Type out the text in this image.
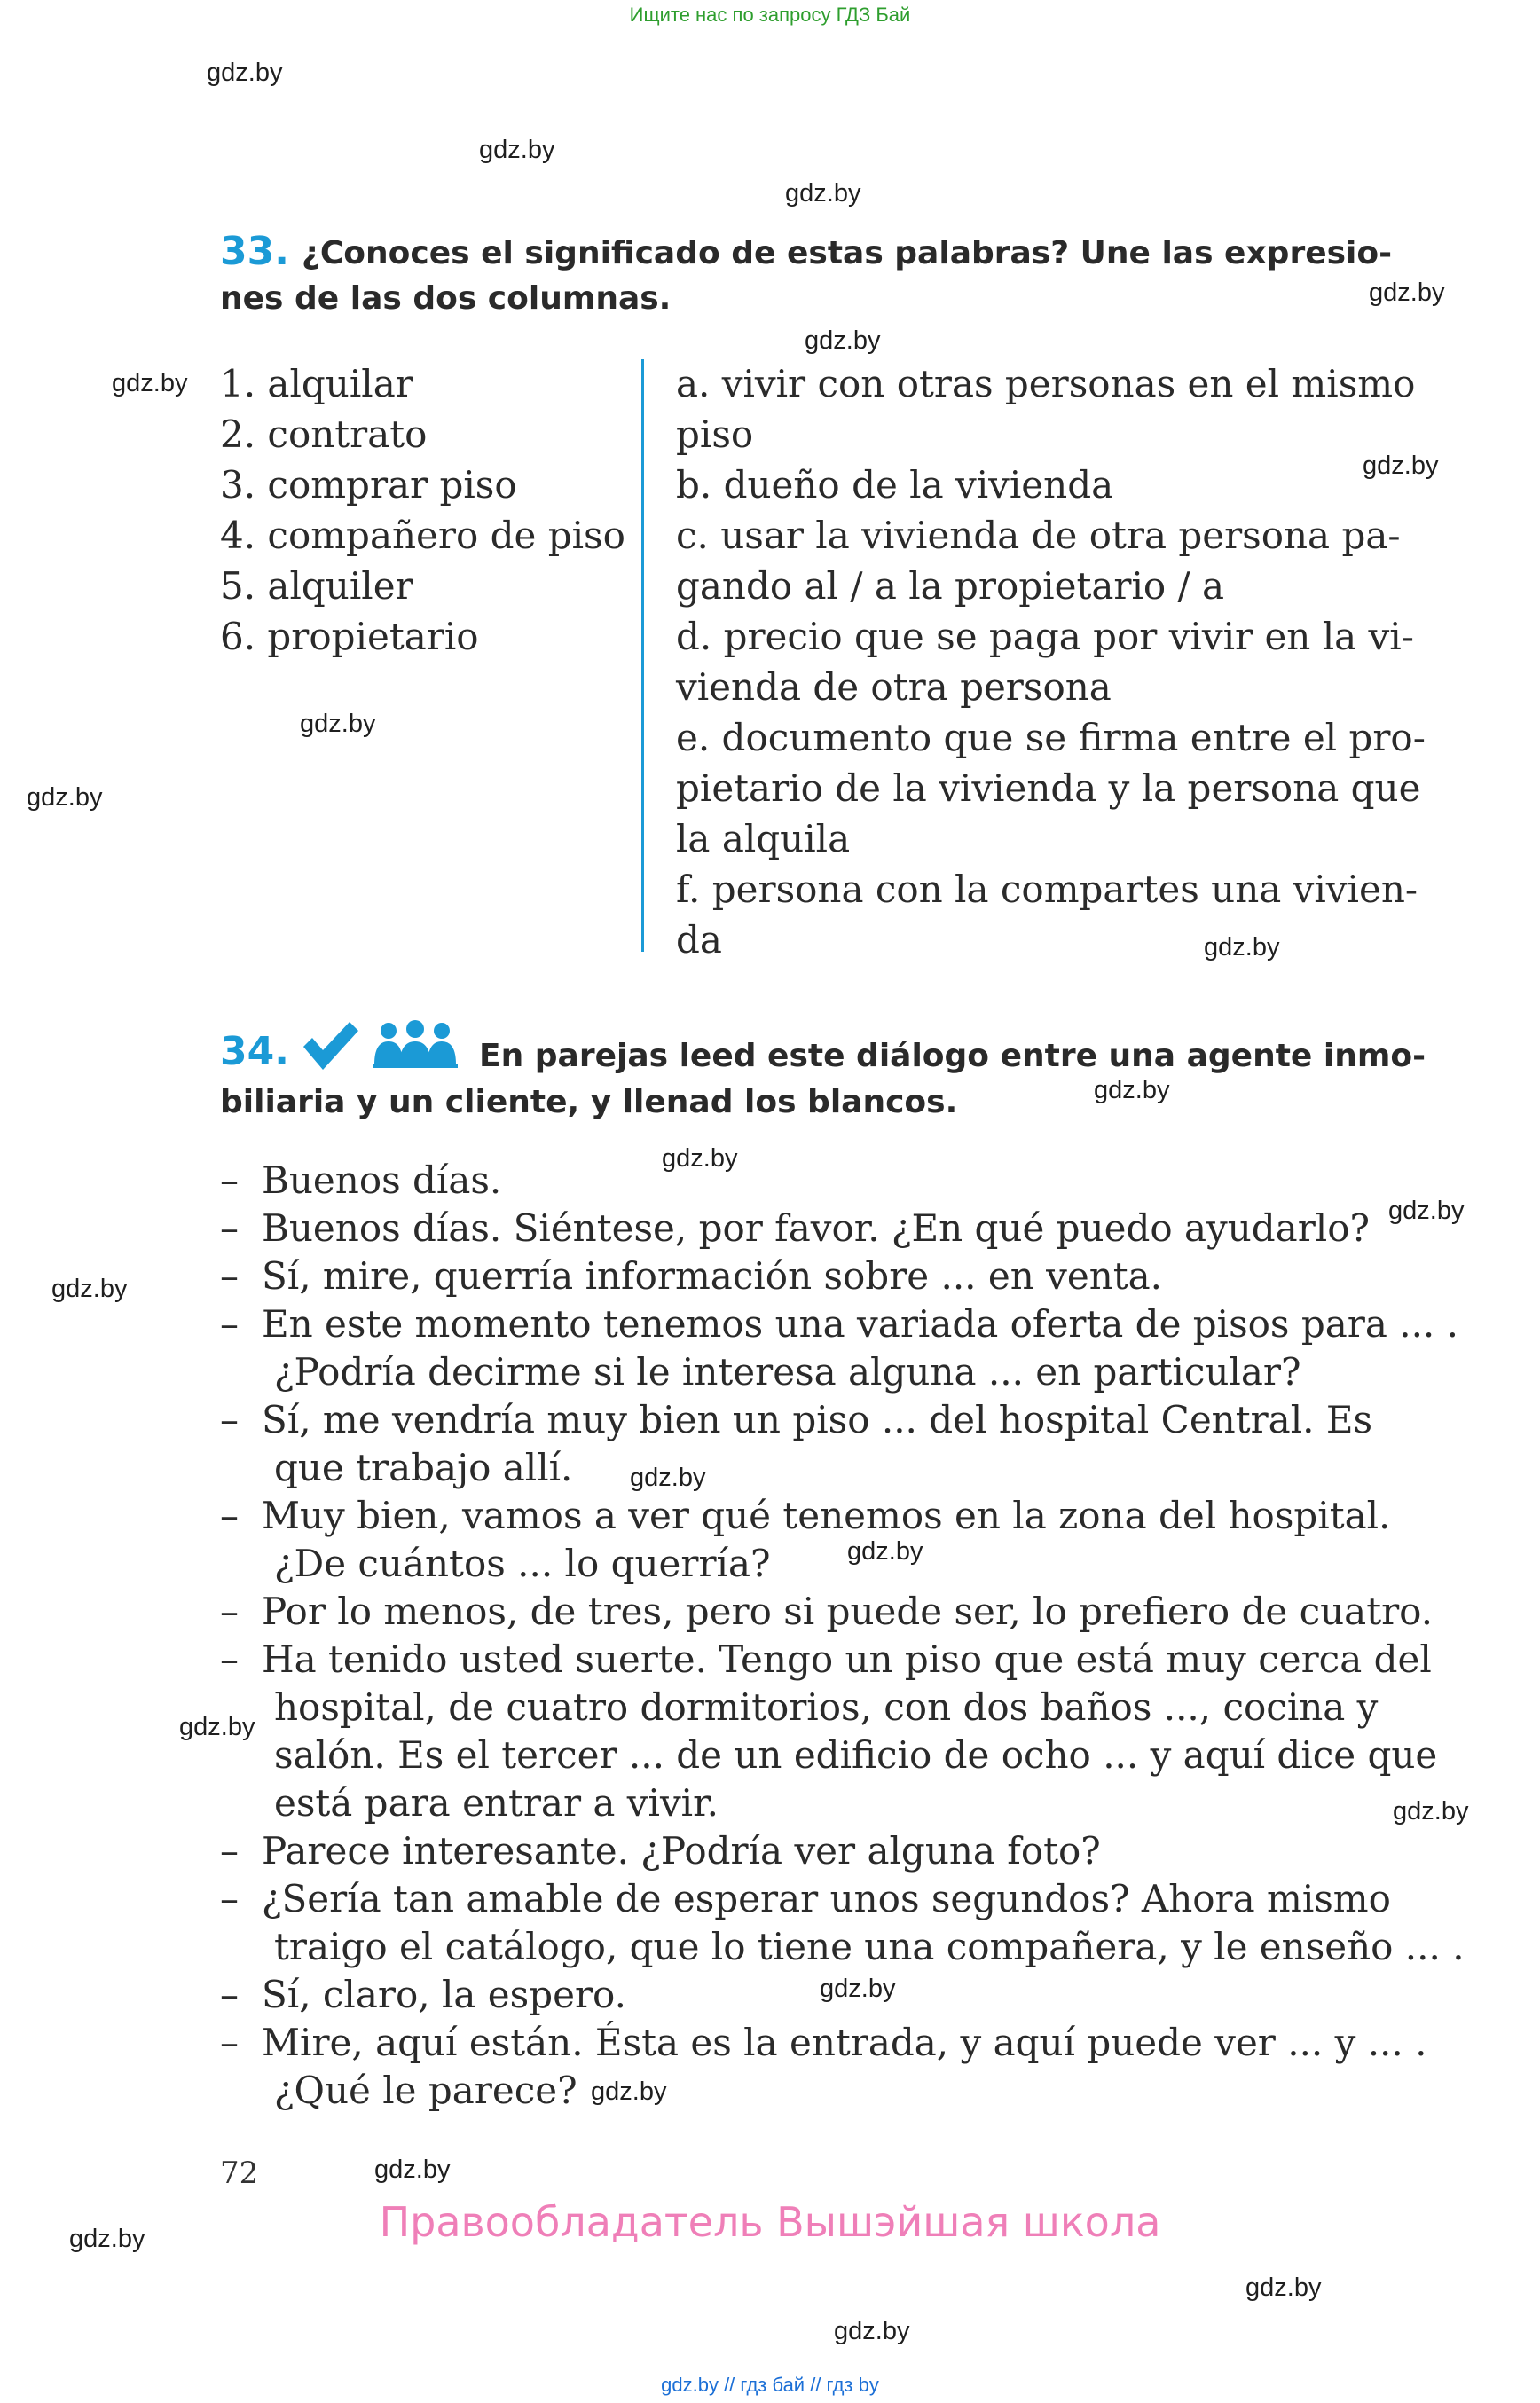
Ищите нас по запросу ГДЗ Бай
gdz.by
gdz.by
gdz.by
gdz.by
gdz.by
gdz.by
gdz.by
gdz.by
gdz.by
gdz.by
gdz.by
gdz.by
gdz.by
gdz.by
gdz.by
gdz.by
gdz.by
gdz.by
gdz.by
gdz.by
gdz.by
gdz.by
gdz.by
gdz.by
33. ¿Conoces el significado de estas palabras? Une las expresio-
nes de las dos columnas.
1. alquilar
2. contrato
3. comprar piso
4. compañero de piso
5. alquiler
6. propietario
a. vivir con otras personas en el mismo
piso
b. dueño de la vivienda
c. usar la vivienda de otra persona pa-
gando al / a la propietario / a
d. precio que se paga por vivir en la vi-
vienda de otra persona
e. documento que se firma entre el pro-
pietario de la vivienda y la persona que
la alquila
f. persona con la compartes una vivien-
da
34.	En parejas leed este diálogo entre una agente inmo-
biliaria y un cliente, y llenad los blancos.
– Buenos días.
– Buenos días. Siéntese, por favor. ¿En qué puedo ayudarlo?
– Sí, mire, querría información sobre ... en venta.
– En este momento tenemos una variada oferta de pisos para ... .
¿Podría decirme si le interesa alguna ... en particular?
– Sí, me vendría muy bien un piso ... del hospital Central. Es
que trabajo allí.
– Muy bien, vamos a ver qué tenemos en la zona del hospital.
¿De cuántos ... lo querría?
– Por lo menos, de tres, pero si puede ser, lo prefiero de cuatro.
– Ha tenido usted suerte. Tengo un piso que está muy cerca del
hospital, de cuatro dormitorios, con dos baños ..., cocina y
salón. Es el tercer ... de un edificio de ocho ... y aquí dice que
está para entrar a vivir.
– Parece interesante. ¿Podría ver alguna foto?
– ¿Sería tan amable de esperar unos segundos? Ahora mismo
traigo el catálogo, que lo tiene una compañera, y le enseño ... .
– Sí, claro, la espero.
– Mire, aquí están. Ésta es la entrada, y aquí puede ver ... y ... .
¿Qué le parece?
72
Правообладатель Вышэйшая школа
gdz.by // гдз бай // гдз by
